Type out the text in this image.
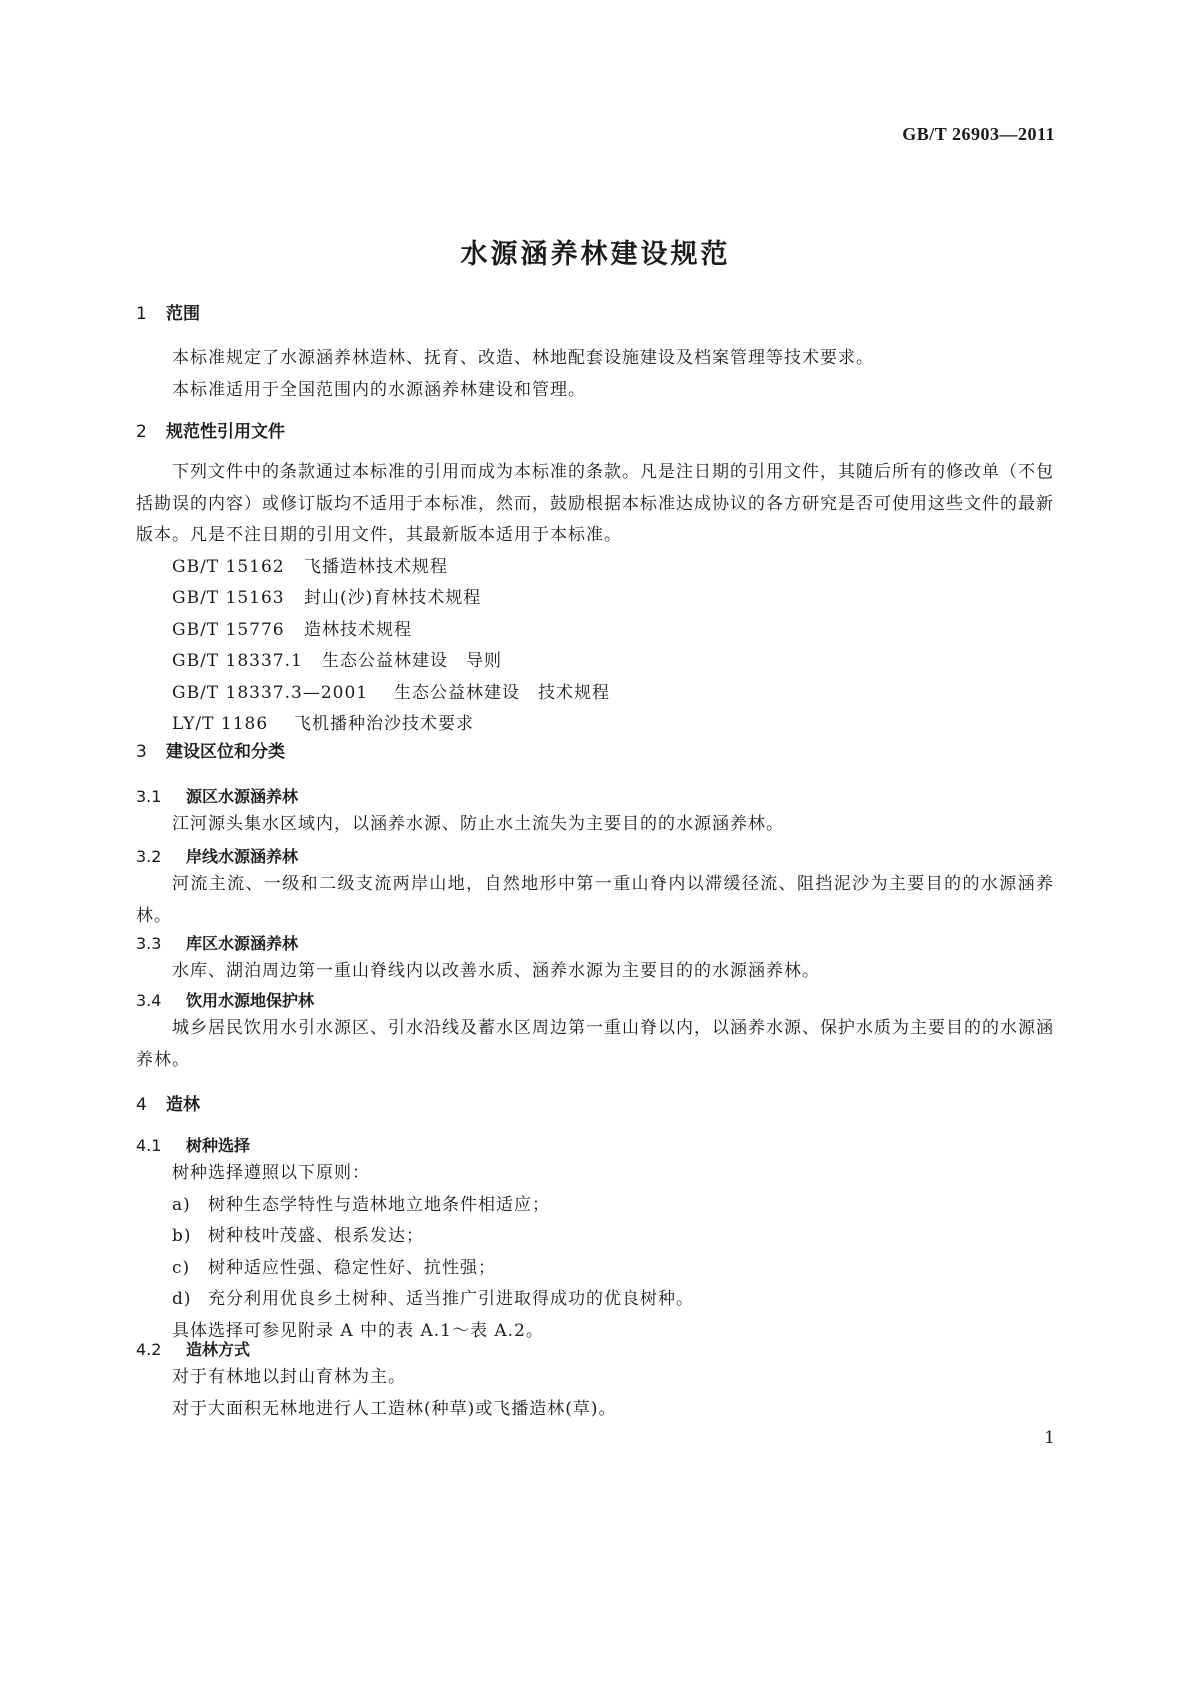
GB/T 26903—2011
水源涵养林建设规范
1 范围
本标准规定了水源涵养林造林、抚育、改造、林地配套设施建设及档案管理等技术要求。
本标准适用于全国范围内的水源涵养林建设和管理。
2 规范性引用文件
下列文件中的条款通过本标准的引用而成为本标准的条款。凡是注日期的引用文件，其随后所有的修改单（不包括勘误的内容）或修订版均不适用于本标准，然而，鼓励根据本标准达成协议的各方研究是否可使用这些文件的最新版本。凡是不注日期的引用文件，其最新版本适用于本标准。
GB/T 15162 飞播造林技术规程
GB/T 15163 封山(沙)育林技术规程
GB/T 15776 造林技术规程
GB/T 18337.1 生态公益林建设　导则
GB/T 18337.3—2001 生态公益林建设　技术规程
LY/T 1186 飞机播种治沙技术要求
3 建设区位和分类
3.1 源区水源涵养林
江河源头集水区域内，以涵养水源、防止水土流失为主要目的的水源涵养林。
3.2 岸线水源涵养林
河流主流、一级和二级支流两岸山地，自然地形中第一重山脊内以滞缓径流、阻挡泥沙为主要目的的水源涵养林。
3.3 库区水源涵养林
水库、湖泊周边第一重山脊线内以改善水质、涵养水源为主要目的的水源涵养林。
3.4 饮用水源地保护林
城乡居民饮用水引水源区、引水沿线及蓄水区周边第一重山脊以内，以涵养水源、保护水质为主要目的的水源涵养林。
4 造林
4.1 树种选择
树种选择遵照以下原则：
a) 树种生态学特性与造林地立地条件相适应；
b) 树种枝叶茂盛、根系发达；
c) 树种适应性强、稳定性好、抗性强；
d) 充分利用优良乡土树种、适当推广引进取得成功的优良树种。
具体选择可参见附录 A 中的表 A.1～表 A.2。
4.2 造林方式
对于有林地以封山育林为主。
对于大面积无林地进行人工造林(种草)或飞播造林(草)。
1
